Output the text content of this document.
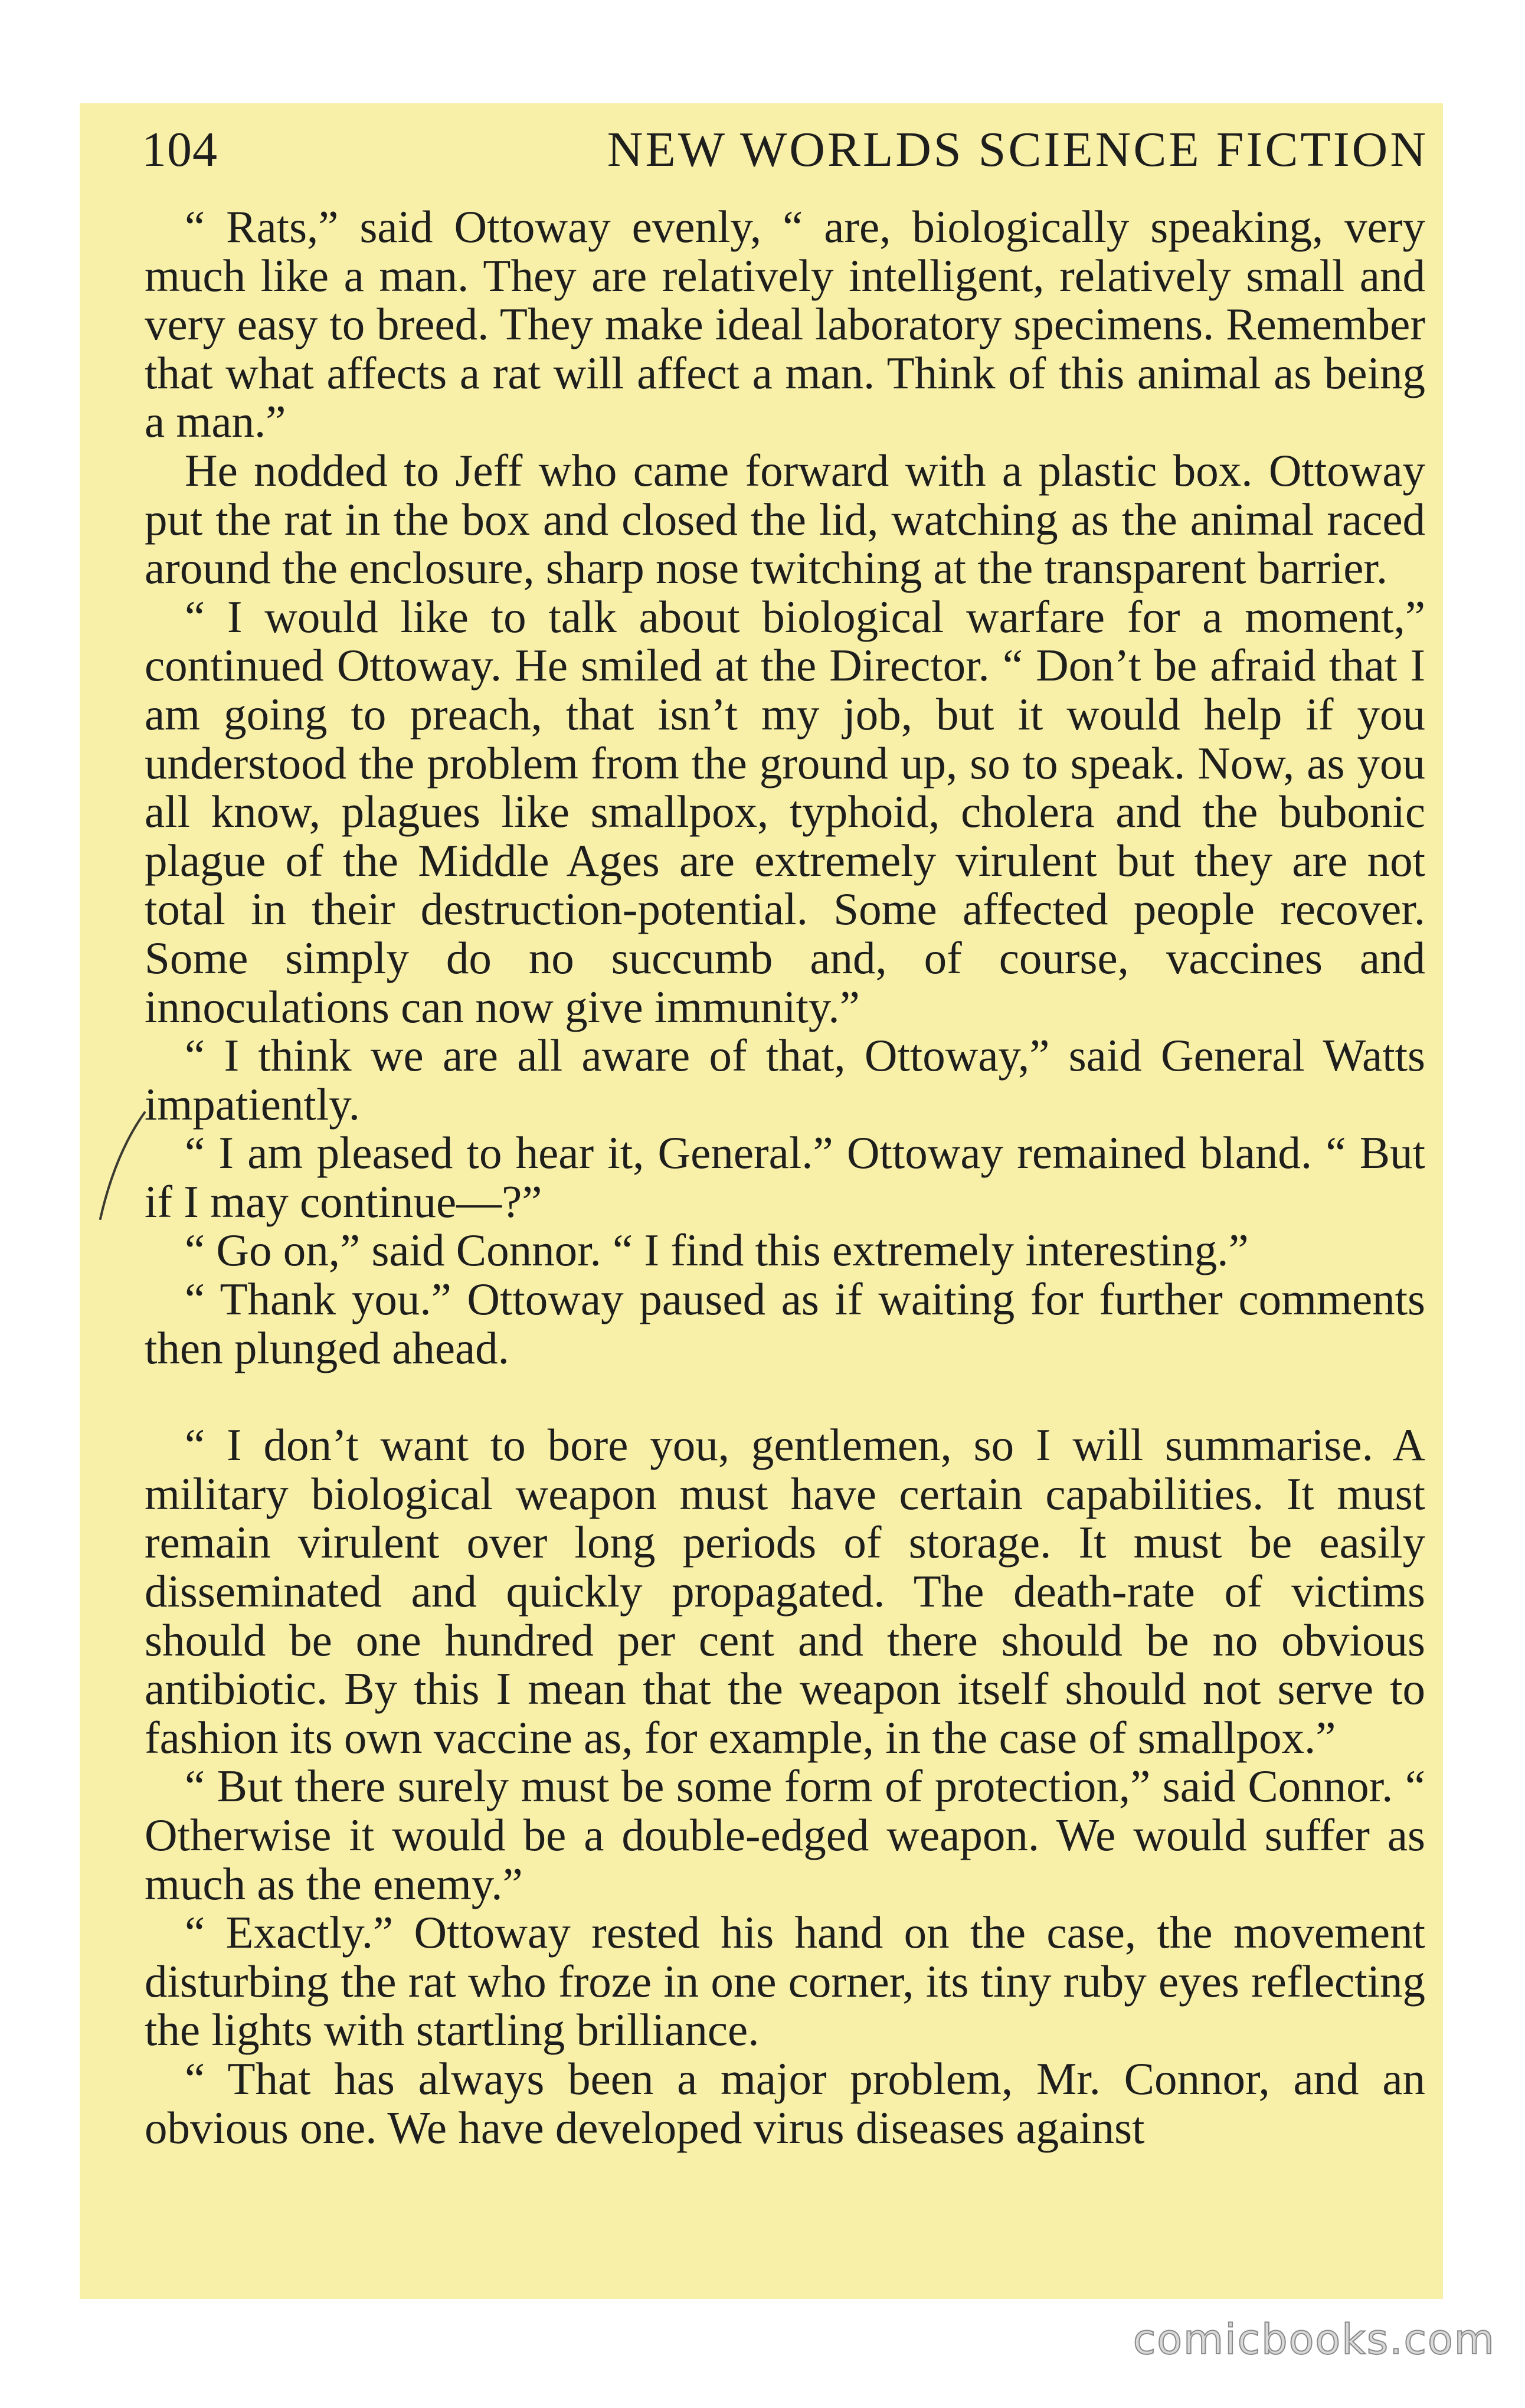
104	NEW WORLDS SCIENCE FICTION

“ Rats,” said Ottoway evenly, “ are, biologically speaking, very much like a man. They are relatively intelligent, relatively small and very easy to breed. They make ideal laboratory specimens. Remember that what affects a rat will affect a man. Think of this animal as being a man.”

He nodded to Jeff who came forward with a plastic box. Ottoway put the rat in the box and closed the lid, watching as the animal raced around the enclosure, sharp nose twitching at the transparent barrier.

“ I would like to talk about biological warfare for a moment,” continued Ottoway. He smiled at the Director. “ Don’t be afraid that I am going to preach, that isn’t my job, but it would help if you understood the problem from the ground up, so to speak. Now, as you all know, plagues like smallpox, typhoid, cholera and the bubonic plague of the Middle Ages are extremely virulent but they are not total in their destruction-potential. Some affected people recover. Some simply do no succumb and, of course, vaccines and innoculations can now give immunity.”

“ I think we are all aware of that, Ottoway,” said General Watts impatiently.

“ I am pleased to hear it, General.” Ottoway remained bland. “ But if I may continue—?”

“ Go on,” said Connor. “ I find this extremely interesting.”

“ Thank you.” Ottoway paused as if waiting for further comments then plunged ahead.

“ I don’t want to bore you, gentlemen, so I will summarise. A military biological weapon must have certain capabilities. It must remain virulent over long periods of storage. It must be easily disseminated and quickly propagated. The death-rate of victims should be one hundred per cent and there should be no obvious antibiotic. By this I mean that the weapon itself should not serve to fashion its own vaccine as, for example, in the case of smallpox.”

“ But there surely must be some form of protection,” said Connor. “ Otherwise it would be a double-edged weapon. We would suffer as much as the enemy.”

“ Exactly.” Ottoway rested his hand on the case, the movement disturbing the rat who froze in one corner, its tiny ruby eyes reflecting the lights with startling brilliance.

“ That has always been a major problem, Mr. Connor, and an obvious one. We have developed virus diseases against

comicbooks.com
